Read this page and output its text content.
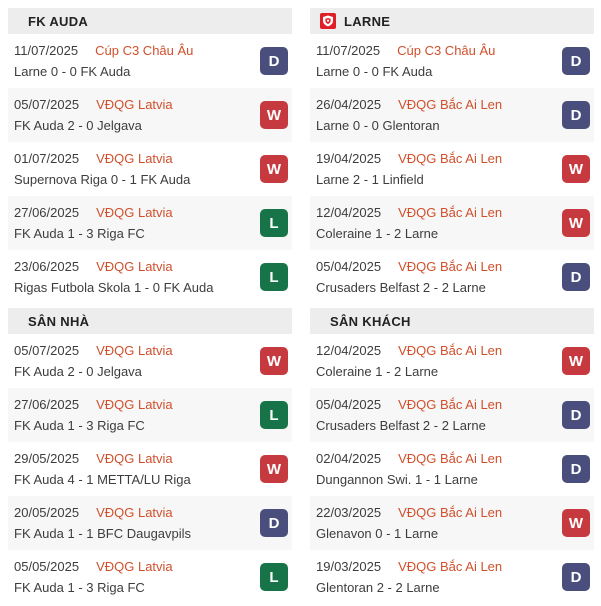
FK AUDA
11/07/2025 Cúp C3 Châu Âu
Larne 0 - 0 FK Auda
D
05/07/2025 VĐQG Latvia
FK Auda 2 - 0 Jelgava
W
01/07/2025 VĐQG Latvia
Supernova Riga 0 - 1 FK Auda
W
27/06/2025 VĐQG Latvia
FK Auda 1 - 3 Riga FC
L
23/06/2025 VĐQG Latvia
Rigas Futbola Skola 1 - 0 FK Auda
L
SÂN NHÀ
05/07/2025 VĐQG Latvia
FK Auda 2 - 0 Jelgava
W
27/06/2025 VĐQG Latvia
FK Auda 1 - 3 Riga FC
L
29/05/2025 VĐQG Latvia
FK Auda 4 - 1 METTA/LU Riga
W
20/05/2025 VĐQG Latvia
FK Auda 1 - 1 BFC Daugavpils
D
05/05/2025 VĐQG Latvia
FK Auda 1 - 3 Riga FC
L
LARNE
11/07/2025 Cúp C3 Châu Âu
Larne 0 - 0 FK Auda
D
26/04/2025 VĐQG Bắc Ai Len
Larne 0 - 0 Glentoran
D
19/04/2025 VĐQG Bắc Ai Len
Larne 2 - 1 Linfield
W
12/04/2025 VĐQG Bắc Ai Len
Coleraine 1 - 2 Larne
W
05/04/2025 VĐQG Bắc Ai Len
Crusaders Belfast 2 - 2 Larne
D
SÂN KHÁCH
12/04/2025 VĐQG Bắc Ai Len
Coleraine 1 - 2 Larne
W
05/04/2025 VĐQG Bắc Ai Len
Crusaders Belfast 2 - 2 Larne
D
02/04/2025 VĐQG Bắc Ai Len
Dungannon Swi. 1 - 1 Larne
D
22/03/2025 VĐQG Bắc Ai Len
Glenavon 0 - 1 Larne
W
19/03/2025 VĐQG Bắc Ai Len
Glentoran 2 - 2 Larne
D
